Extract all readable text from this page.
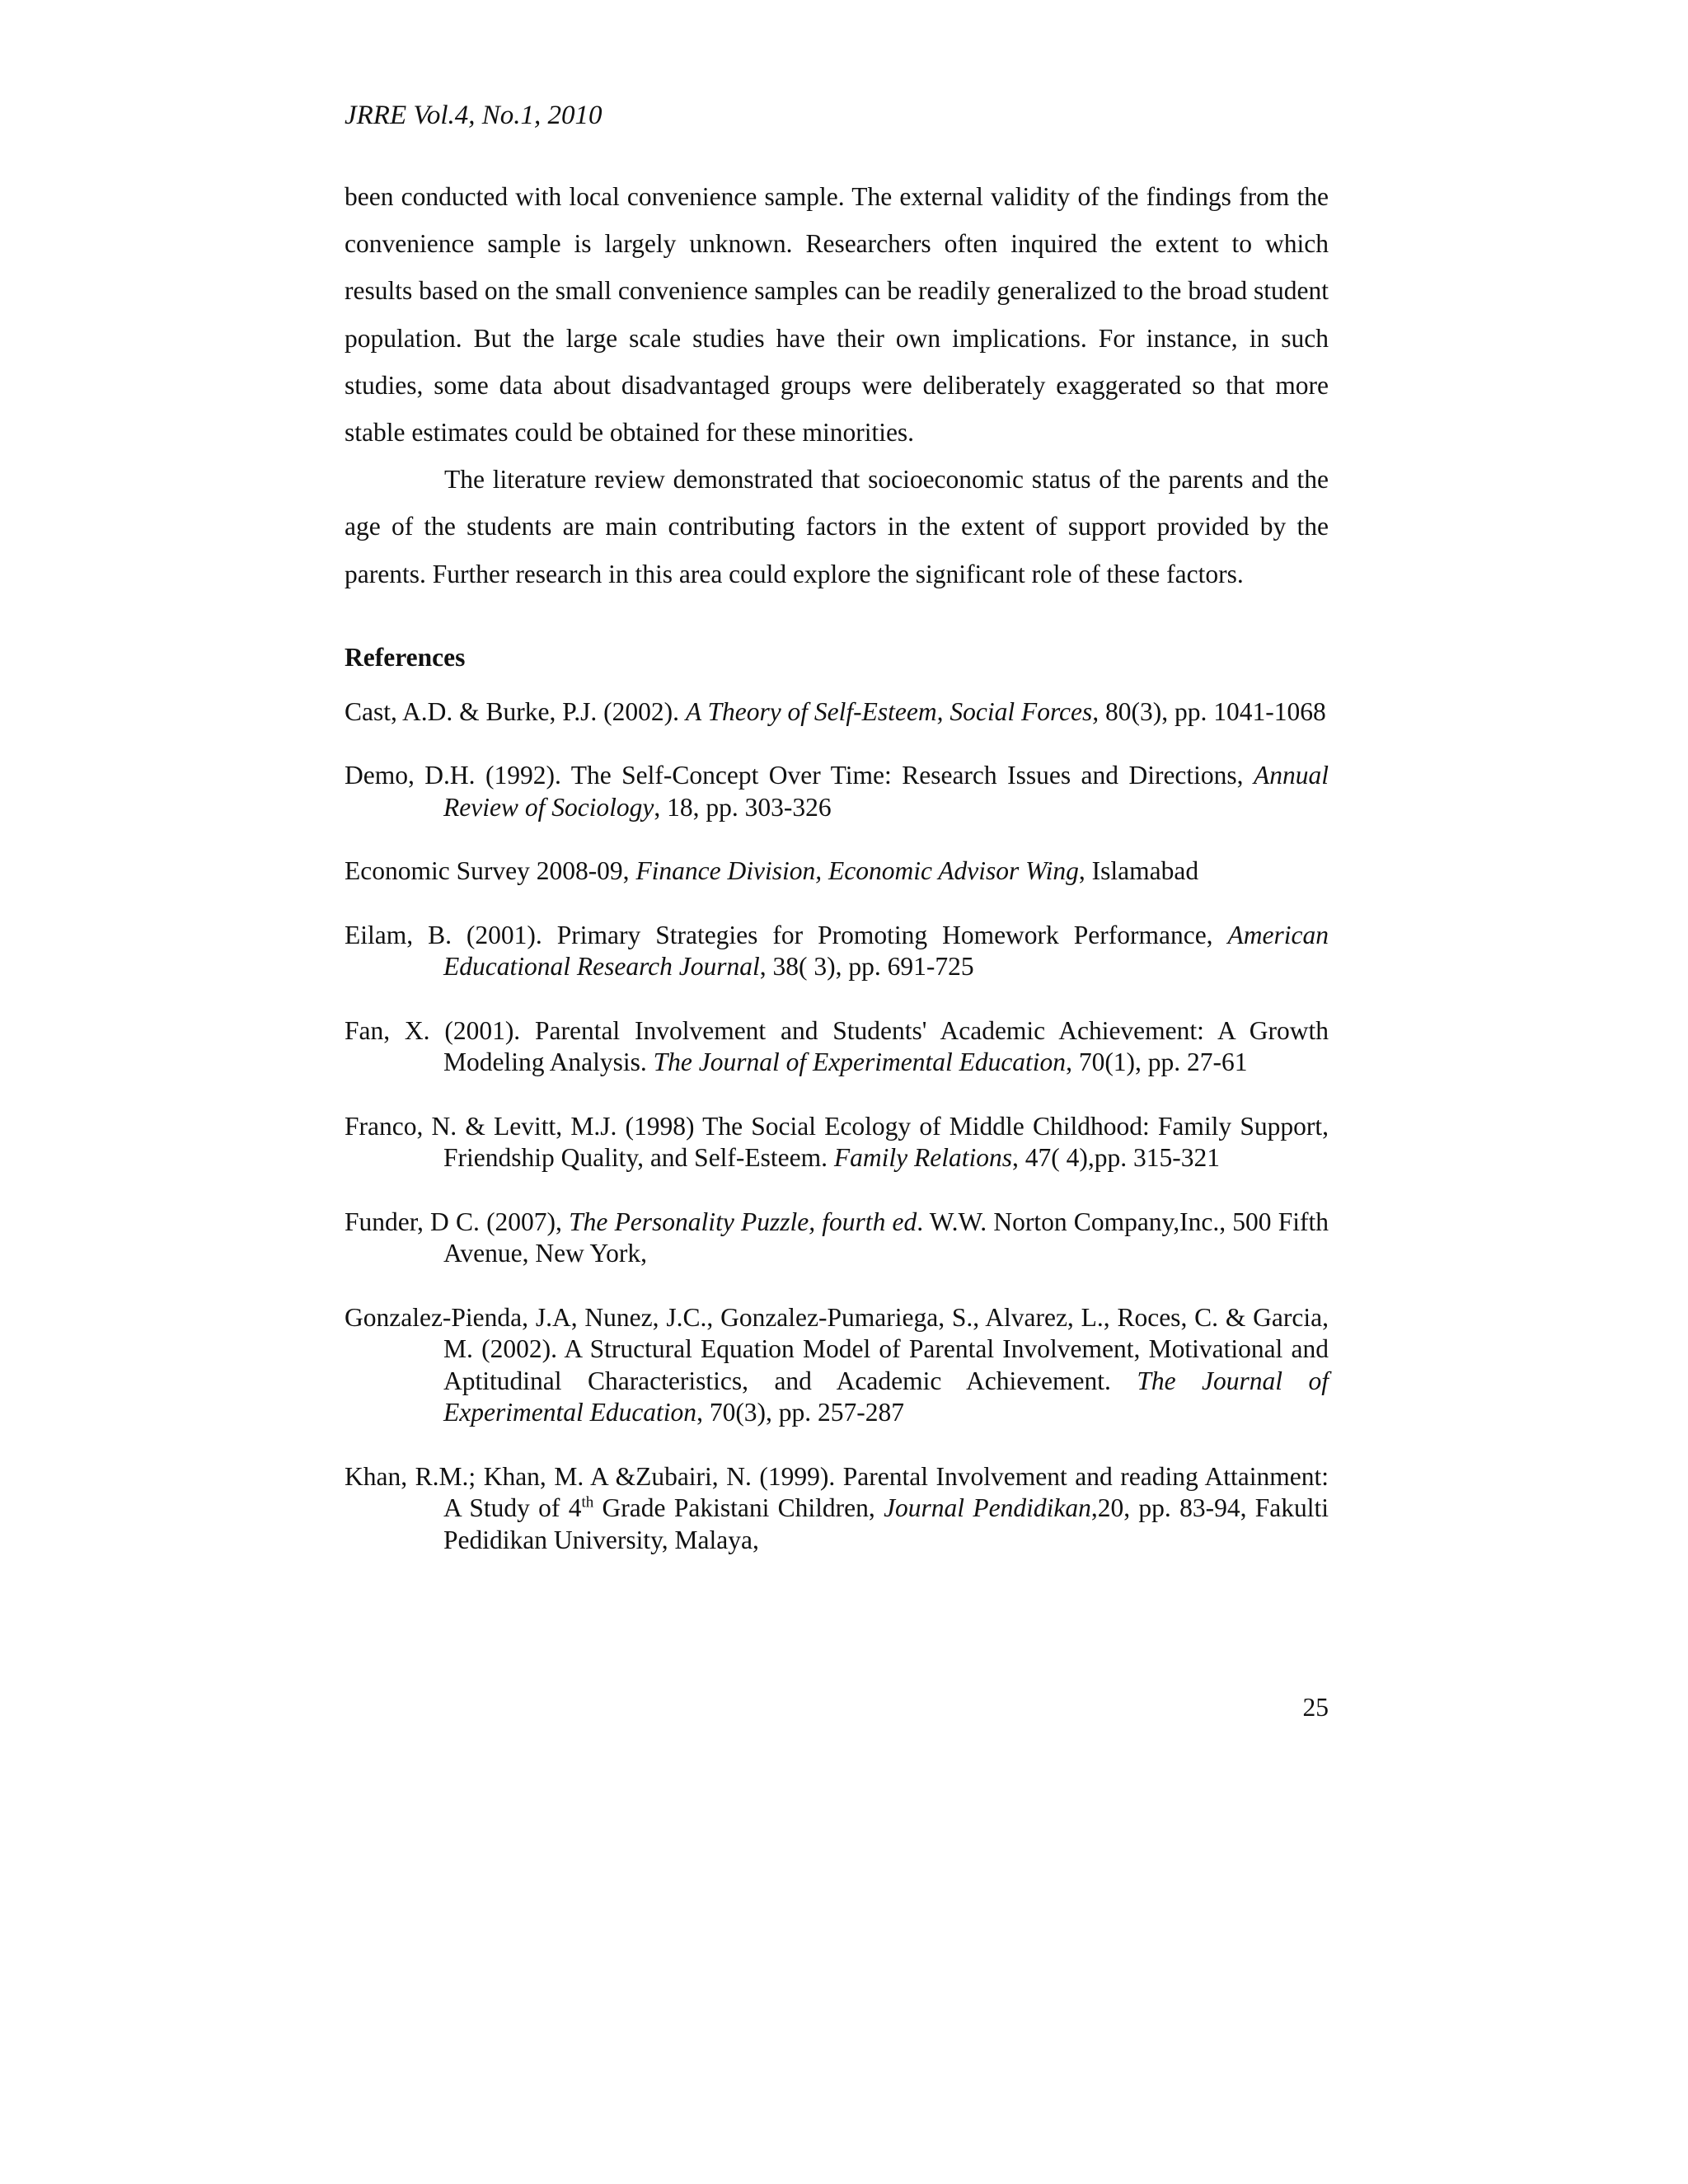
JRRE Vol.4, No.1, 2010

been conducted with local convenience sample. The external validity of the findings from the convenience sample is largely unknown. Researchers often inquired the extent to which results based on the small convenience samples can be readily generalized to the broad student population. But the large scale studies have their own implications. For instance, in such studies, some data about disadvantaged groups were deliberately exaggerated so that more stable estimates could be obtained for these minorities.

The literature review demonstrated that socioeconomic status of the parents and the age of the students are main contributing factors in the extent of support provided by the parents. Further research in this area could explore the significant role of these factors.

References

Cast, A.D. & Burke, P.J. (2002). A Theory of Self-Esteem, Social Forces, 80(3), pp. 1041-1068

Demo, D.H. (1992). The Self-Concept Over Time: Research Issues and Directions, Annual Review of Sociology, 18, pp. 303-326

Economic Survey 2008-09, Finance Division, Economic Advisor Wing, Islamabad

Eilam, B. (2001). Primary Strategies for Promoting Homework Performance, American Educational Research Journal, 38( 3), pp. 691-725

Fan, X. (2001). Parental Involvement and Students' Academic Achievement: A Growth Modeling Analysis. The Journal of Experimental Education, 70(1), pp. 27-61

Franco, N. & Levitt, M.J. (1998) The Social Ecology of Middle Childhood: Family Support, Friendship Quality, and Self-Esteem. Family Relations, 47( 4),pp. 315-321

Funder, D C. (2007), The Personality Puzzle, fourth ed. W.W. Norton Company,Inc., 500 Fifth Avenue, New York,

Gonzalez-Pienda, J.A, Nunez, J.C., Gonzalez-Pumariega, S., Alvarez, L., Roces, C. & Garcia, M. (2002). A Structural Equation Model of Parental Involvement, Motivational and Aptitudinal Characteristics, and Academic Achievement. The Journal of Experimental Education, 70(3), pp. 257-287

Khan, R.M.; Khan, M. A &Zubairi, N. (1999). Parental Involvement and reading Attainment: A Study of 4th Grade Pakistani Children, Journal Pendidikan,20, pp. 83-94, Fakulti Pedidikan University, Malaya,

25
